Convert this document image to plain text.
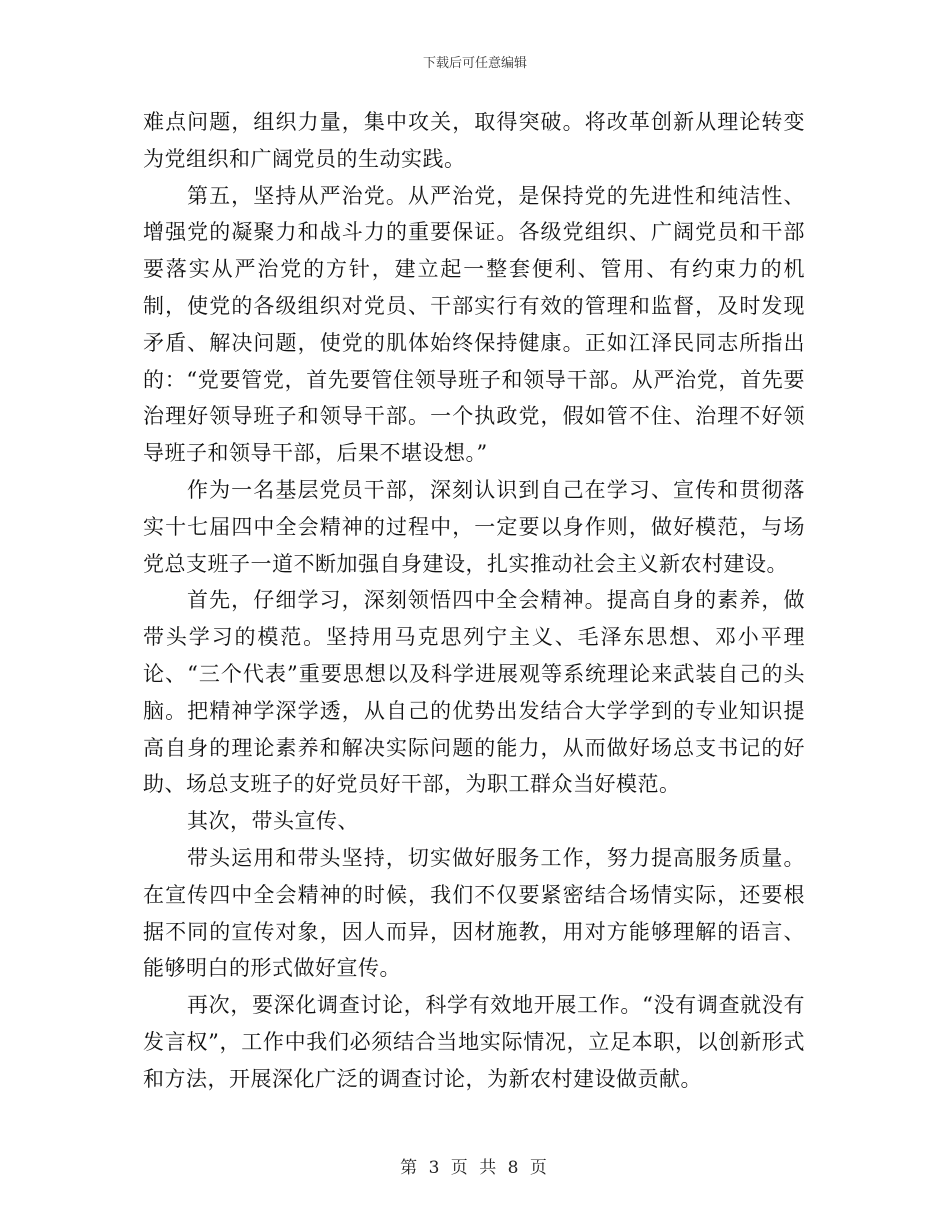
下载后可任意编辑

难点问题，组织力量，集中攻关，取得突破。将改革创新从理论转变为党组织和广阔党员的生动实践。

第五，坚持从严治党。从严治党，是保持党的先进性和纯洁性、增强党的凝聚力和战斗力的重要保证。各级党组织、广阔党员和干部要落实从严治党的方针，建立起一整套便利、管用、有约束力的机制，使党的各级组织对党员、干部实行有效的管理和监督，及时发现矛盾、解决问题，使党的肌体始终保持健康。正如江泽民同志所指出的：“党要管党，首先要管住领导班子和领导干部。从严治党，首先要治理好领导班子和领导干部。一个执政党，假如管不住、治理不好领导班子和领导干部，后果不堪设想。”

作为一名基层党员干部，深刻认识到自己在学习、宣传和贯彻落实十七届四中全会精神的过程中，一定要以身作则，做好模范，与场党总支班子一道不断加强自身建设，扎实推动社会主义新农村建设。

首先，仔细学习，深刻领悟四中全会精神。提高自身的素养，做带头学习的模范。坚持用马克思列宁主义、毛泽东思想、邓小平理论、“三个代表”重要思想以及科学进展观等系统理论来武装自己的头脑。把精神学深学透，从自己的优势出发结合大学学到的专业知识提高自身的理论素养和解决实际问题的能力，从而做好场总支书记的好助、场总支班子的好党员好干部，为职工群众当好模范。

其次，带头宣传、

带头运用和带头坚持，切实做好服务工作，努力提高服务质量。在宣传四中全会精神的时候，我们不仅要紧密结合场情实际，还要根据不同的宣传对象，因人而异，因材施教，用对方能够理解的语言、能够明白的形式做好宣传。

再次，要深化调查讨论，科学有效地开展工作。“没有调查就没有发言权”，工作中我们必须结合当地实际情况，立足本职，以创新形式和方法，开展深化广泛的调查讨论，为新农村建设做贡献。

第 3 页 共 8 页
